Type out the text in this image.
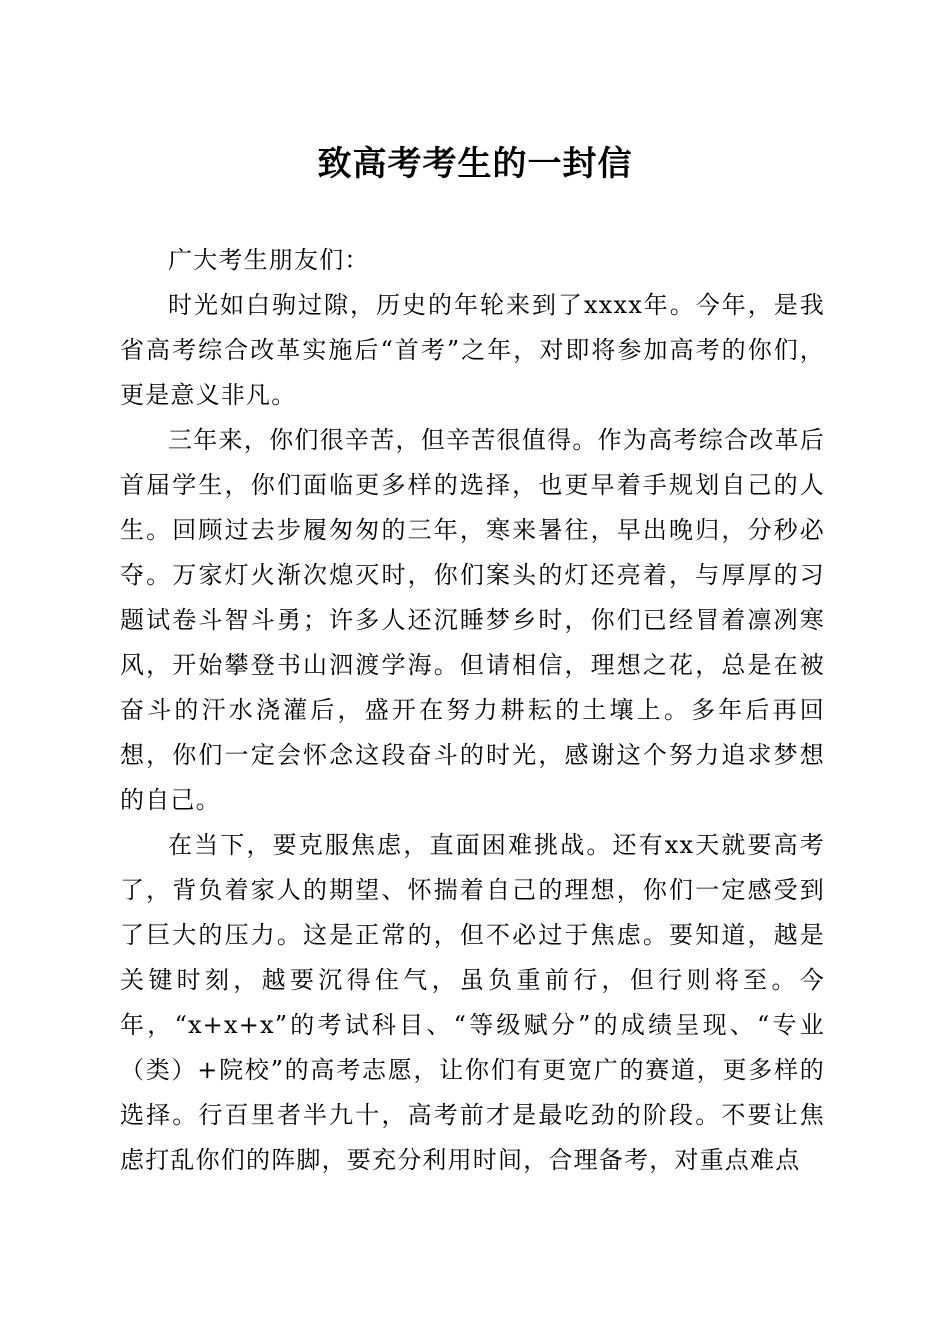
致高考考生的一封信

广大考生朋友们：

时光如白驹过隙，历史的年轮来到了xxxx年。今年，是我省高考综合改革实施后“首考”之年，对即将参加高考的你们，更是意义非凡。

三年来，你们很辛苦，但辛苦很值得。作为高考综合改革后首届学生，你们面临更多样的选择，也更早着手规划自己的人生。回顾过去步履匆匆的三年，寒来暑往，早出晚归，分秒必夺。万家灯火渐次熄灭时，你们案头的灯还亮着，与厚厚的习题试卷斗智斗勇；许多人还沉睡梦乡时，你们已经冒着凛冽寒风，开始攀登书山泗渡学海。但请相信，理想之花，总是在被奋斗的汗水浇灌后，盛开在努力耕耘的土壤上。多年后再回想，你们一定会怀念这段奋斗的时光，感谢这个努力追求梦想的自己。

在当下，要克服焦虑，直面困难挑战。还有xx天就要高考了，背负着家人的期望、怀揣着自己的理想，你们一定感受到了巨大的压力。这是正常的，但不必过于焦虑。要知道，越是关键时刻，越要沉得住气，虽负重前行，但行则将至。今年，“x+x+x”的考试科目、“等级赋分”的成绩呈现、“专业（类）+院校”的高考志愿，让你们有更宽广的赛道，更多样的选择。行百里者半九十，高考前才是最吃劲的阶段。不要让焦虑打乱你们的阵脚，要充分利用时间，合理备考，对重点难点
